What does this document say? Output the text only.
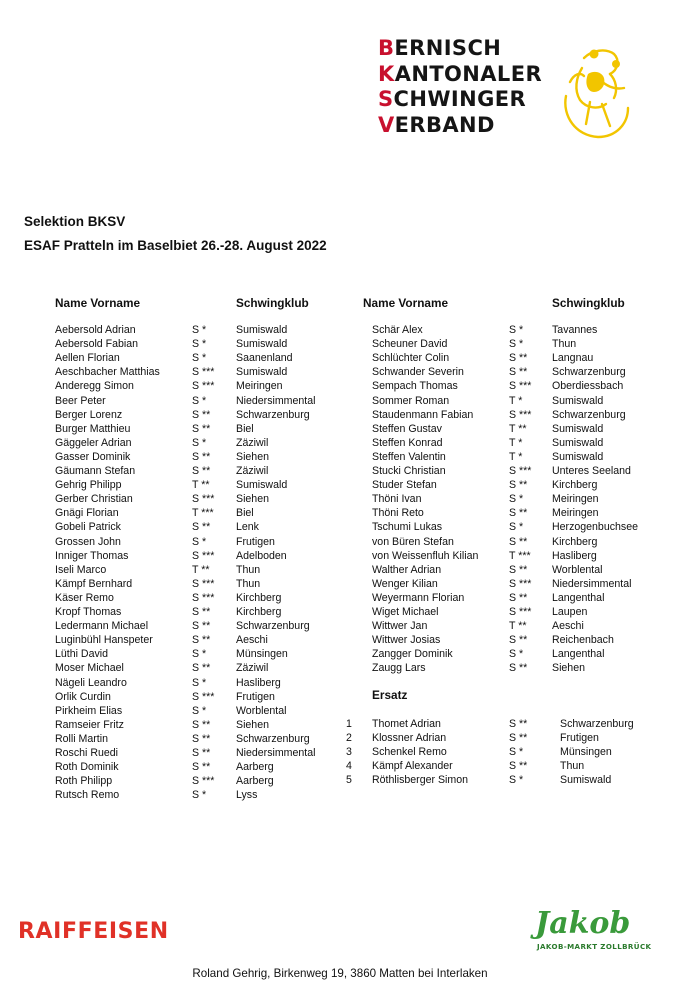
BERNISCH
KANTONALER
SCHWINGER
VERBAND
Selektion BKSV
ESAF Pratteln im Baselbiet 26.-28. August 2022
Name Vorname	Schwingklub	Name Vorname	Schwingklub
Aebersold Adrian	S *	Sumiswald
Aebersold Fabian	S *	Sumiswald
Aellen Florian	S *	Saanenland
Aeschbacher Matthias	S *** Sumiswald
Anderegg Simon	S *** Meiringen
Beer Peter	S *	Niedersimmental
Berger Lorenz	S ** Schwarzenburg
Burger Matthieu	S ** Biel
Gäggeler Adrian	S *	Zäziwil
Gasser Dominik	S ** Siehen
Gäumann Stefan	S ** Zäziwil
Gehrig Philipp	T **	Sumiswald
Gerber Christian	S *** Siehen
Gnägi Florian	T *** Biel
Gobeli Patrick	S ** Lenk
Grossen John	S *	Frutigen
Inniger Thomas	S *** Adelboden
Iseli Marco	T **	Thun
Kämpf Bernhard	S *** Thun
Käser Remo	S *** Kirchberg
Kropf Thomas	S ** Kirchberg
Ledermann Michael	S ** Schwarzenburg
Luginbühl Hanspeter	S ** Aeschi
Lüthi David	S *	Münsingen
Moser Michael	S ** Zäziwil
Nägeli Leandro	S *	Hasliberg
Orlik Curdin	S *** Frutigen
Pirkheim Elias	S *	Worblental
Ramseier Fritz	S ** Siehen
Rolli Martin	S ** Schwarzenburg
Roschi Ruedi	S ** Niedersimmental
Roth Dominik	S ** Aarberg
Roth Philipp	S *** Aarberg
Rutsch Remo	S *	Lyss
Schär Alex	S *	Tavannes
Scheuner David	S *	Thun
Schlüchter Colin	S ** Langnau
Schwander Severin	S ** Schwarzenburg
Sempach Thomas	S *** Oberdiessbach
Sommer Roman	T *	Sumiswald
Staudenmann Fabian	S *** Schwarzenburg
Steffen Gustav	T ** Sumiswald
Steffen Konrad	T *	Sumiswald
Steffen Valentin	T *	Sumiswald
Stucki Christian	S *** Unteres Seeland
Studer Stefan	S ** Kirchberg
Thöni Ivan	S *	Meiringen
Thöni Reto	S ** Meiringen
Tschumi Lukas	S *	Herzogenbuchsee
von Büren Stefan	S ** Kirchberg
von Weissenfluh Kilian	T *** Hasliberg
Walther Adrian	S ** Worblental
Wenger Kilian	S *** Niedersimmental
Weyermann Florian	S ** Langenthal
Wiget Michael	S *** Laupen
Wittwer Jan	T ** Aeschi
Wittwer Josias	S ** Reichenbach
Zangger Dominik	S *	Langenthal
Zaugg Lars	S ** Siehen
Ersatz
1 Thomet Adrian	S **	Schwarzenburg
2 Klossner Adrian	S **	Frutigen
3 Schenkel Remo	S *	Münsingen
4 Kämpf Alexander	S **	Thun
5 Röthlisberger Simon	S *	Sumiswald
RAIFFEISEN	Jakob
JAKOB-MARKT ZOLLBRÜCK
Roland Gehrig, Birkenweg 19, 3860 Matten bei Interlaken
